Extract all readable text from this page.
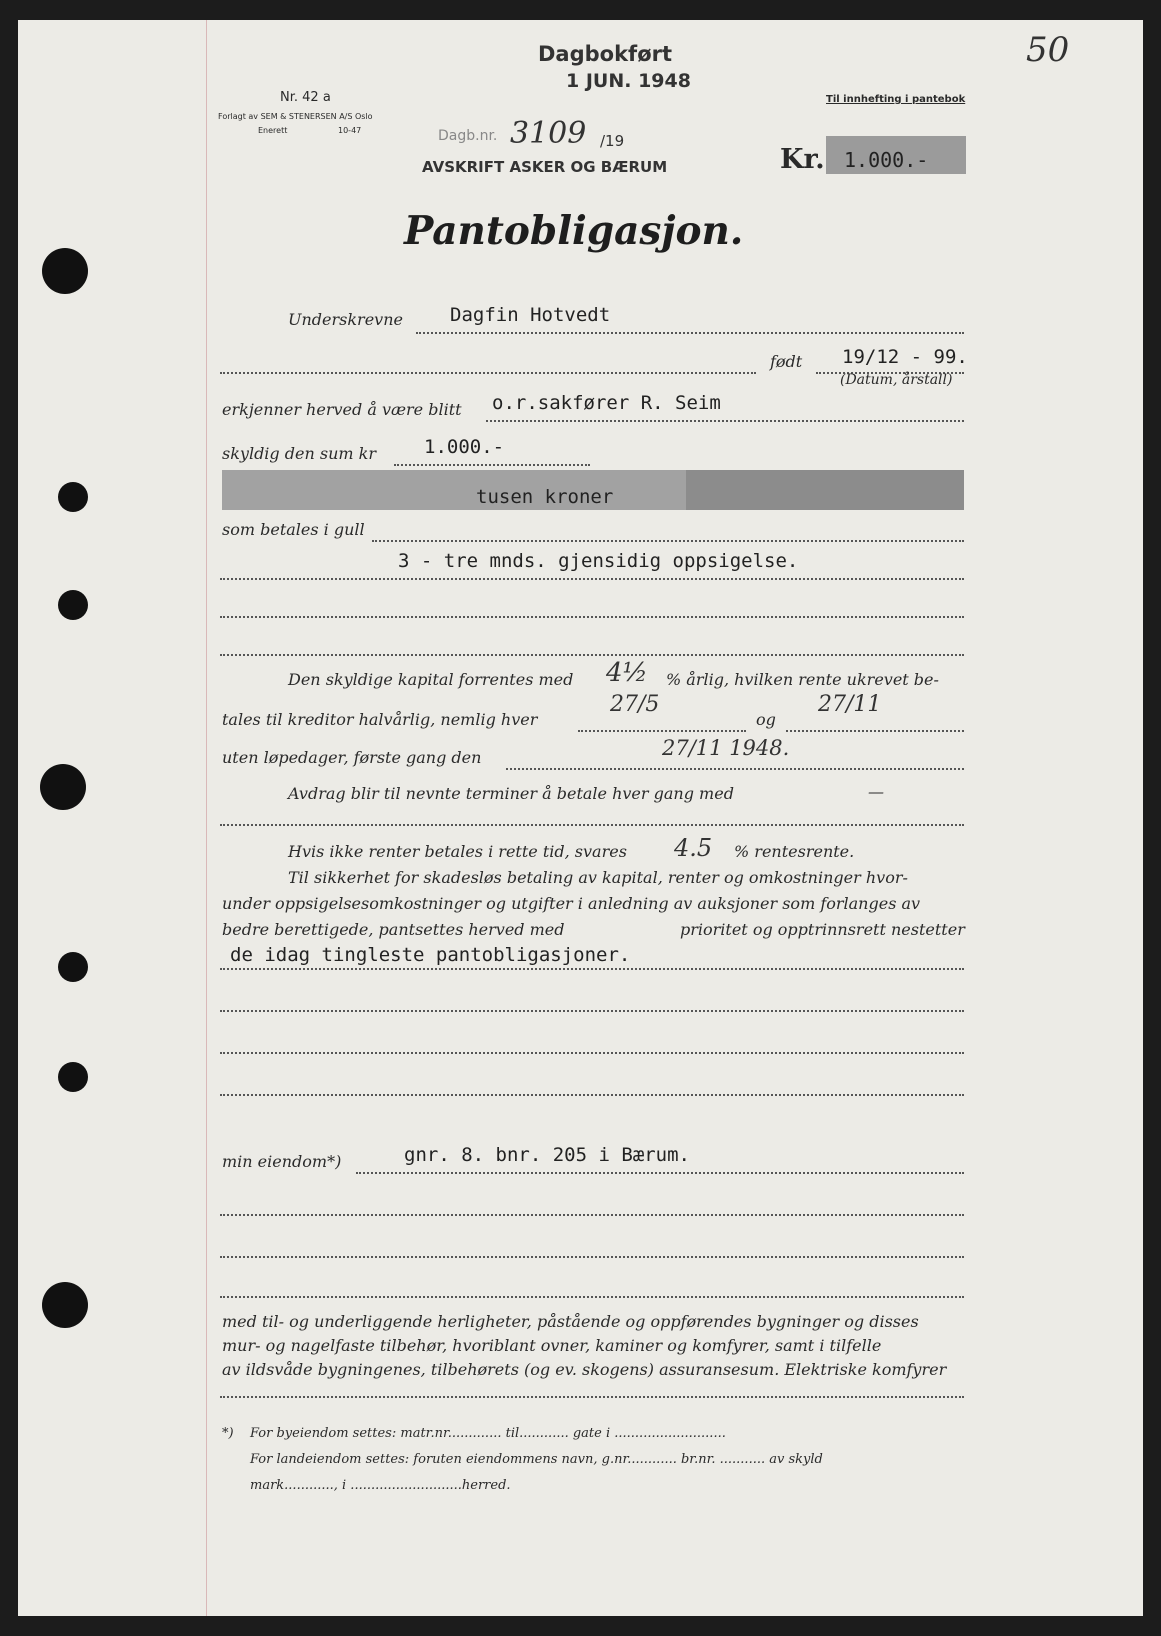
50
Dagbokført
1 JUN. 1948
Nr. 42 a
Forlagt av SEM & STENERSEN A/S Oslo
Enerett	10-47
Til innhefting i pantebok
Dagb.nr. 3109 /19
AVSKRIFT ASKER OG BÆRUM	Kr. 1.000.-
Pantobligasjon.
Underskrevne Dagfin Hotvedt
født 19/12 - 99.
(Datum, årstall)
erkjenner herved å være blitt o.r.sakfører R. Seim
skyldig den sum kr	1.000.-
tusen kroner
som betales i gull
3 - tre mnds. gjensidig oppsigelse.
Den skyldige kapital forrentes med 4½ % årlig, hvilken rente ukrevet be-
tales til kreditor halvårlig, nemlig hver
27/5
og
27/11
uten løpedager, første gang den	27/11 1948.
Avdrag blir til nevnte terminer å betale hver gang med	—
Hvis ikke renter betales i rette tid, svares 4.5 % rentesrente.
Til sikkerhet for skadesløs betaling av kapital, renter og omkostninger hvor-
under oppsigelsesomkostninger og utgifter i anledning av auksjoner som forlanges av
bedre berettigede, pantsettes herved med	prioritet og opptrinnsrett nestetter
de idag tingleste pantobligasjoner.
min eiendom*)	gnr. 8. bnr. 205 i Bærum.
med til- og underliggende herligheter, påstående og oppførendes bygninger og disses
mur- og nagelfaste tilbehør, hvoriblant ovner, kaminer og komfyrer, samt i tilfelle
av ildsvåde bygningenes, tilbehørets (og ev. skogens) assuransesum. Elektriske komfyrer
*) For byeiendom settes: matr.nr............. til............ gate i ...........................
For landeiendom settes: foruten eiendommens navn, g.nr............ br.nr. ........... av skyld
mark............, i ...........................herred.
